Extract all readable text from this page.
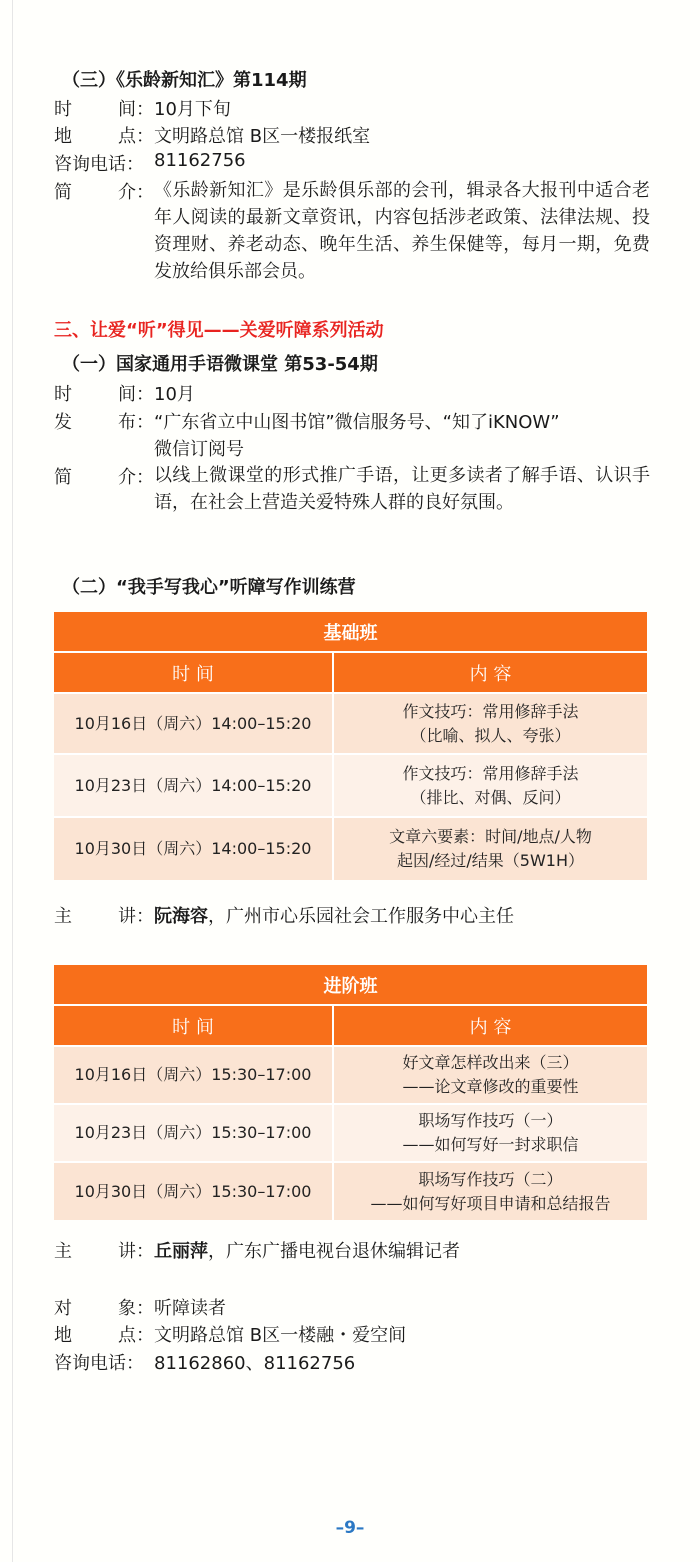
（三）《乐龄新知汇》第114期
时	间： 10月下旬
地	点： 文明路总馆 B区一楼报纸室
咨询电话： 81162756
简	介： 《乐龄新知汇》是乐龄俱乐部的会刊，辑录各大报刊中适合老年人阅读的最新文章资讯，内容包括涉老政策、法律法规、投资理财、养老动态、晚年生活、养生保健等，每月一期，免费发放给俱乐部会员。
三、让爱“听”得见——关爱听障系列活动
（一）国家通用手语微课堂 第53-54期
时	间： 10月
发	布： “广东省立中山图书馆”微信服务号、“知了iKNOW”
微信订阅号
简	介： 以线上微课堂的形式推广手语，让更多读者了解手语、认识手语，在社会上营造关爱特殊人群的良好氛围。
（二）“我手写我心”听障写作训练营
基础班	
时 间	内 容
10月16日（周六）14:00–15:20	作文技巧：常用修辞手法
（比喻、拟人、夸张）

10月23日（周六）14:00–15:20	作文技巧：常用修辞手法
（排比、对偶、反问）

10月30日（周六）14:00–15:20	文章六要素：时间/地点/人物
起因/经过/结果（5W1H）
主	讲： 阮海容 ，广州市心乐园社会工作服务中心主任
进阶班	
时 间	内 容
10月16日（周六）15:30–17:00	好文章怎样改出来（三）
——论文章修改的重要性

10月23日（周六）15:30–17:00	职场写作技巧（一）
——如何写好一封求职信

10月30日（周六）15:30–17:00	职场写作技巧（二）
——如何写好项目申请和总结报告
主	讲： 丘丽萍 ，广东广播电视台退休编辑记者
对	象： 听障读者
地	点： 文明路总馆 B区一楼融・爱空间
咨询电话： 81162860、81162756
–9–
